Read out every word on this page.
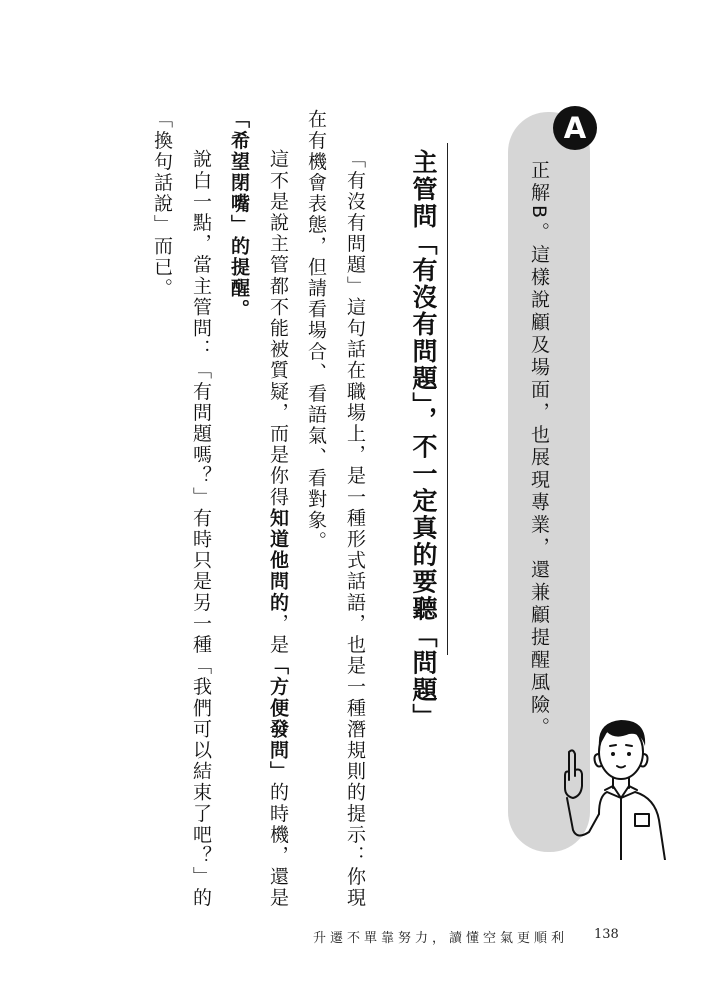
A
正解B。這樣說顧及場面，也展現專業，還兼顧提醒風險。
主管問「有沒有問題」，不一定真的要聽「問題」
「有沒有問題」這句話在職場上，是一種形式話語，也是一種潛規則的提示：你現
在有機會表態，但請看場合、看語氣、看對象。
這不是說主管都不能被質疑，而是你得知道他問的，是「方便發問」的時機，還是
「希望閉嘴」的提醒。
說白一點，當主管問：「有問題嗎？」有時只是另一種「我們可以結束了吧？」的
「換句話說」而已。
升遷不單靠努力，讀懂空氣更順利 138
